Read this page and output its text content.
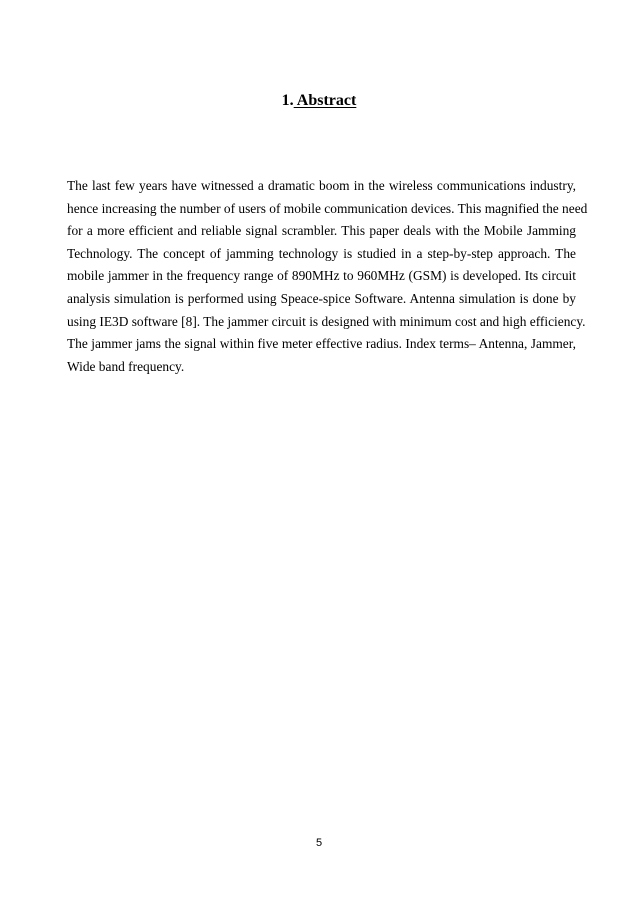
1. Abstract
The last few years have witnessed a dramatic boom in the wireless communications industry,
hence increasing the number of users of mobile communication devices. This magnified the need
for a more efficient and reliable signal scrambler. This paper deals with the Mobile Jamming
Technology. The concept of jamming technology is studied in a step-by-step approach. The
mobile jammer in the frequency range of 890MHz to 960MHz (GSM) is developed. Its circuit
analysis simulation is performed using Speace-spice Software. Antenna simulation is done by
using IE3D software [8]. The jammer circuit is designed with minimum cost and high efficiency.
The jammer jams the signal within five meter effective radius. Index terms– Antenna, Jammer,
Wide band frequency.
5
